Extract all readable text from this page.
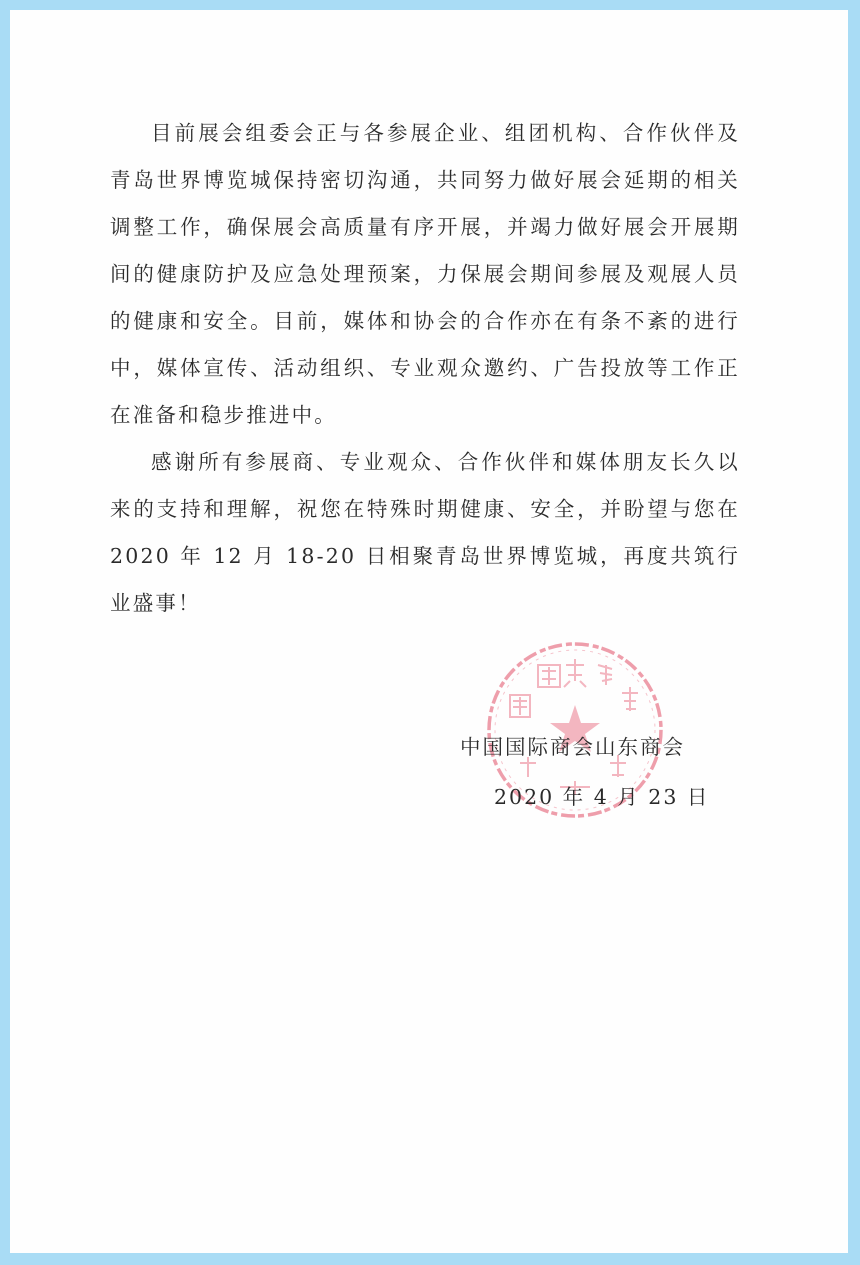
目前展会组委会正与各参展企业、组团机构、合作伙伴及青岛世界博览城保持密切沟通，共同努力做好展会延期的相关调整工作，确保展会高质量有序开展，并竭力做好展会开展期间的健康防护及应急处理预案，力保展会期间参展及观展人员的健康和安全。目前，媒体和协会的合作亦在有条不紊的进行中，媒体宣传、活动组织、专业观众邀约、广告投放等工作正在准备和稳步推进中。

感谢所有参展商、专业观众、合作伙伴和媒体朋友长久以来的支持和理解，祝您在特殊时期健康、安全，并盼望与您在 2020 年 12 月 18-20 日相聚青岛世界博览城，再度共筑行业盛事！

中国国际商会山东商会
2020 年 4 月 23 日
